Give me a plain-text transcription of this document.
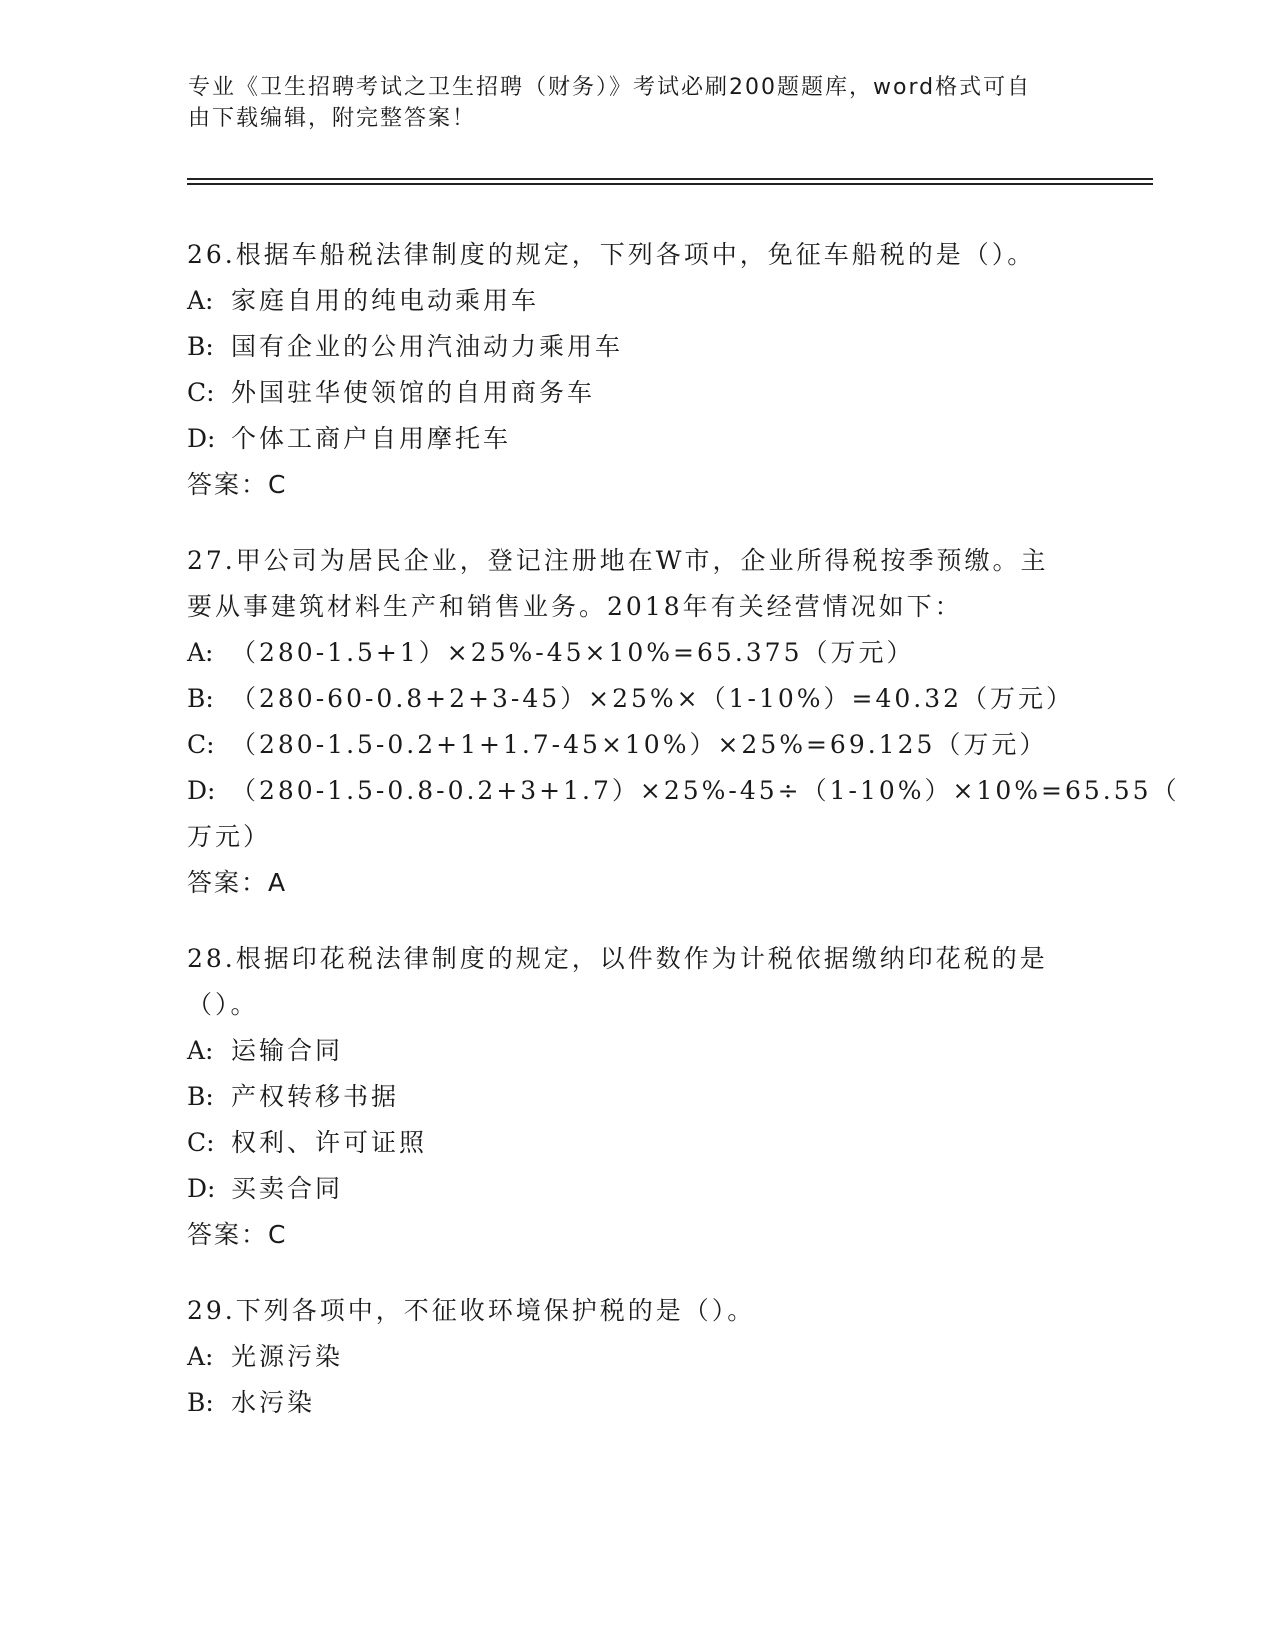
专业《卫生招聘考试之卫生招聘（财务）》考试必刷200题题库，word格式可自
由下载编辑，附完整答案！
26.根据车船税法律制度的规定，下列各项中，免征车船税的是（）。
A: 家庭自用的纯电动乘用车
B: 国有企业的公用汽油动力乘用车
C: 外国驻华使领馆的自用商务车
D: 个体工商户自用摩托车
答案：C
27.甲公司为居民企业，登记注册地在W市，企业所得税按季预缴。主
要从事建筑材料生产和销售业务。2018年有关经营情况如下：
A: （280-1.5+1）×25%-45×10%=65.375（万元）
B: （280-60-0.8+2+3-45）×25%×（1-10%）=40.32（万元）
C: （280-1.5-0.2+1+1.7-45×10%）×25%=69.125（万元）
D: （280-1.5-0.8-0.2+3+1.7）×25%-45÷（1-10%）×10%=65.55（
万元）
答案：A
28.根据印花税法律制度的规定，以件数作为计税依据缴纳印花税的是
（）。
A: 运输合同
B: 产权转移书据
C: 权利、许可证照
D: 买卖合同
答案：C
29.下列各项中，不征收环境保护税的是（）。
A: 光源污染
B: 水污染
